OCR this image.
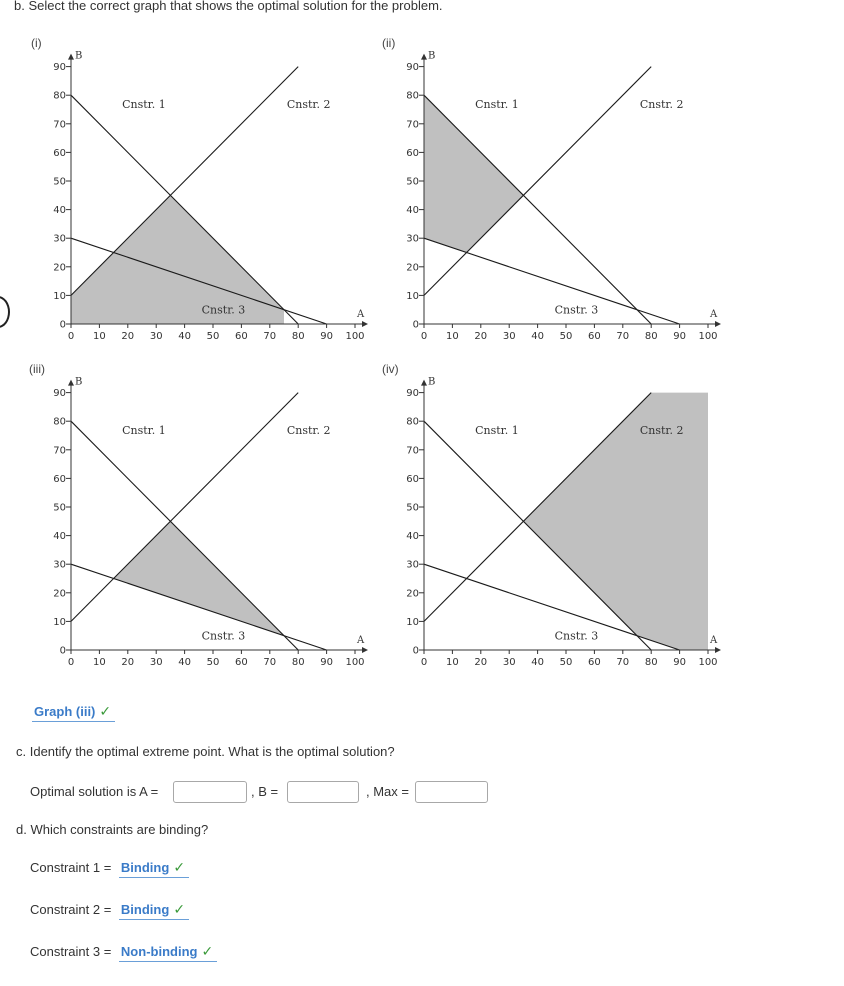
b. Select the correct graph that shows the optimal solution for the problem.
(i)	(ii)
(iii)	(iv)
Cnstr. 1	Cnstr. 2
Cnstr. 3	A
B
0 10 20 30 40 50 60 70 80 90 100
0
10
20
30
40
50
60
70
80
90
Cnstr. 1	Cnstr. 2
Cnstr. 3	A
B
0 10 20 30 40 50 60 70 80 90 100
0
10
20
30
40
50
60
70
80
90
Cnstr. 1	Cnstr. 2
Cnstr. 3	A
B
0 10 20 30 40 50 60 70 80 90 100
0
10
20
30
40
50
60
70
80
90
Cnstr. 1	Cnstr. 2
Cnstr. 3	A
B
0 10 20 30 40 50 60 70 80 90 100
0
10
20
30
40
50
60
70
80
90
Graph (iii) ✓
c. Identify the optimal extreme point. What is the optimal solution?
Optimal solution is A =	, B =	, Max =
d. Which constraints are binding?
Constraint 1 = Binding ✓
Constraint 2 = Binding ✓
Constraint 3 = Non-binding ✓
